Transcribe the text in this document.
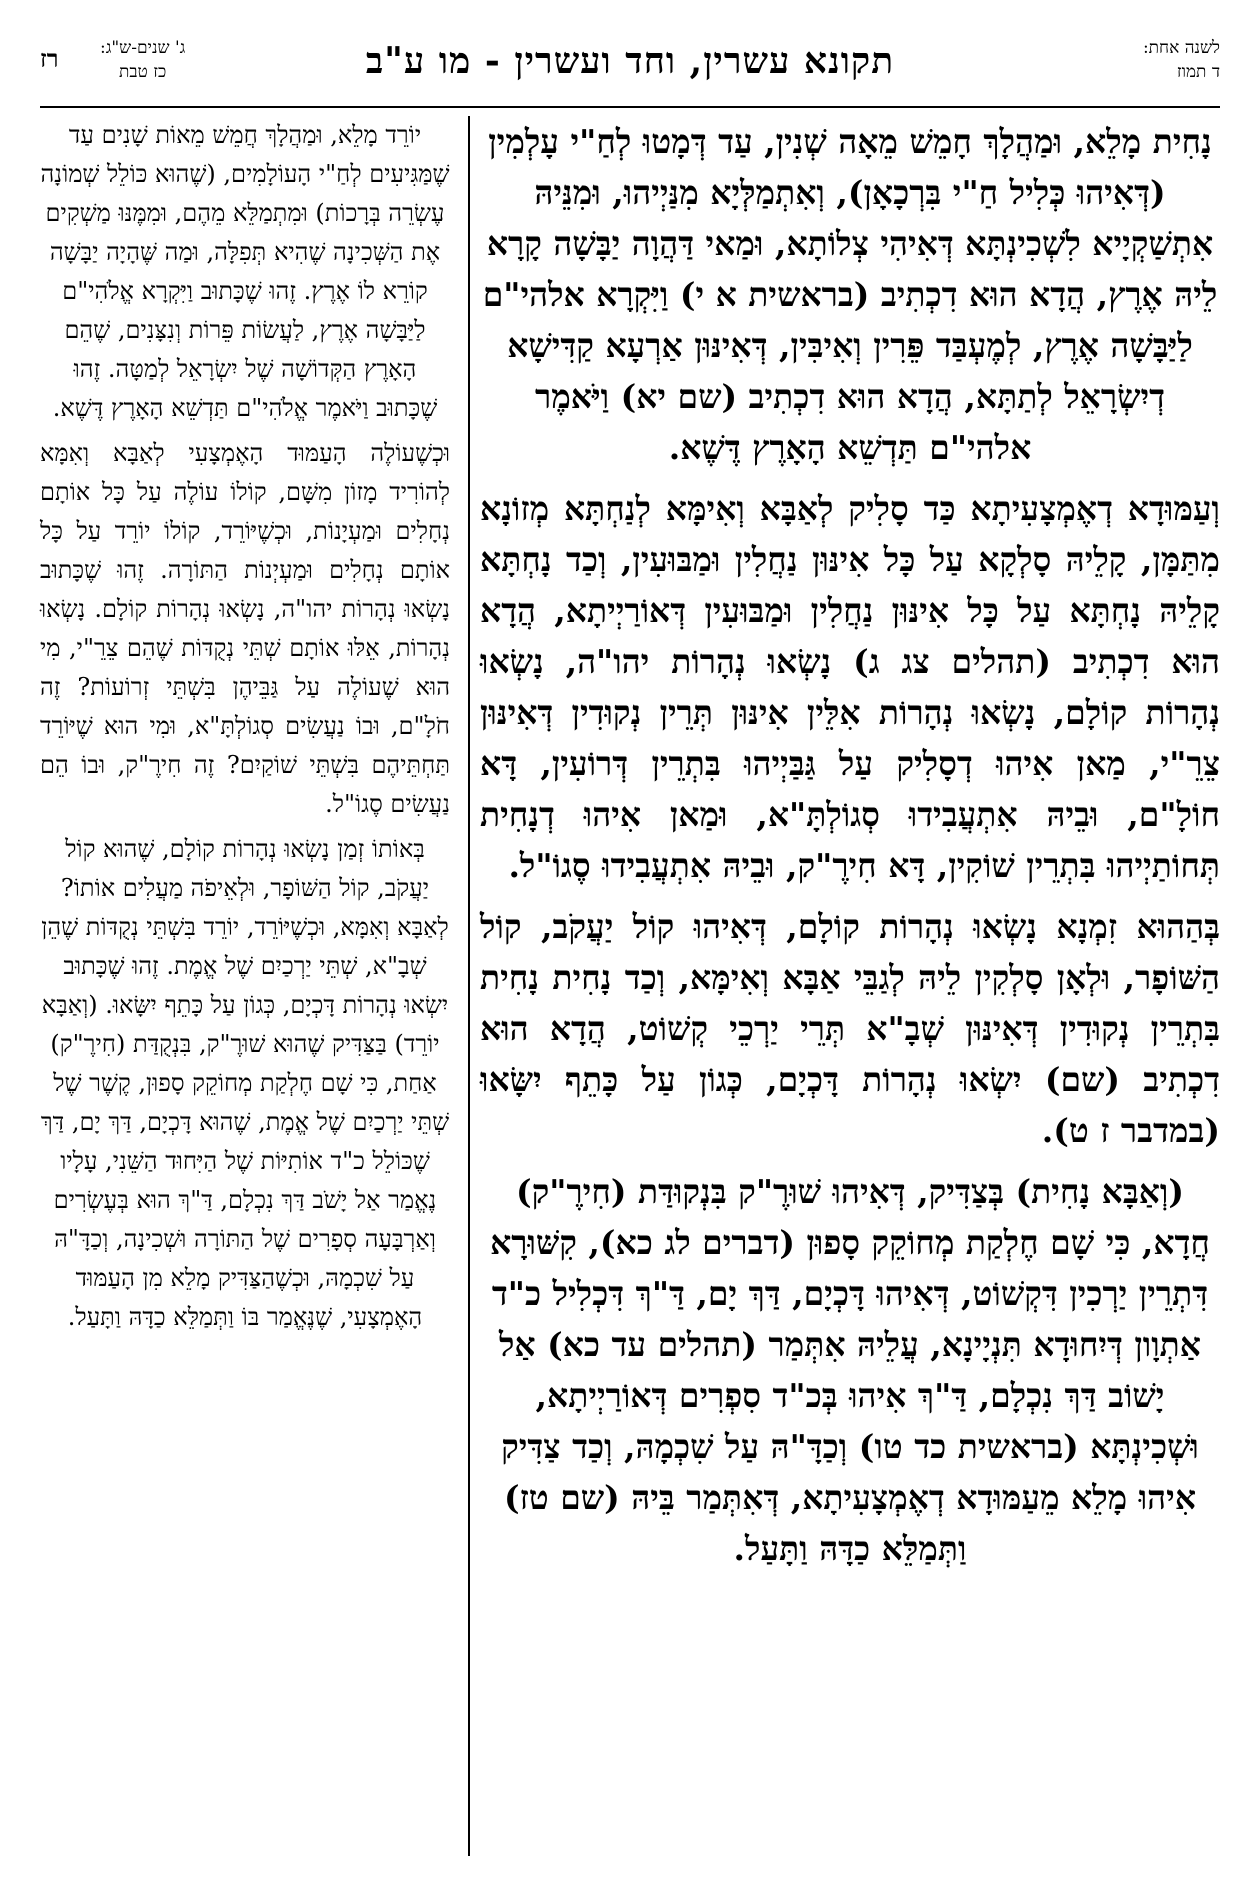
לשנה אחת:
ד תמוז
תקונא עשרין, וחד ועשרין - מו ע"ב
ג' שנים-ש"ג:
כז טבת
רז

נָחִית מָלֵא, וּמַהֲלָךְ חָמֵשׁ מֵאָה שְׁנִין, עַד דְּמָטוּ לְחַ"י עָלְמִין (דְּאִיהוּ כְּלִיל חַ"י בִּרְכָאָן), וְאִתְמַלְּיָא מִנַּיְיהוּ, וּמִנֵּיהּ אִתְשַׁקְיָיא לִשְׁכִינְתָּא דְּאִיהִי צְלוֹתָא, וּמַאי דַּהֲוָה יַבָּשָׁה קָרָא לֵיהּ אֶרֶץ, הֲדָא הוּא דִכְתִיב (בראשית א י) וַיִּקְרָא אלהי"ם לַיַּבָּשָׁה אֶרֶץ, לְמֶעְבַּד פֵּרִין וְאִיבִּין, דְּאִינּוּן אַרְעָא קַדִּישָׁא דְיִשְׂרָאֵל לְתַתָּא, הֲדָא הוּא דִכְתִיב (שם יא) וַיֹּאמֶר אלהי"ם תַּדְשֵׁא הָאָרֶץ דֶּשֶׁא.

וְעַמּוּדָא דְאֶמְצָעִיתָא כַּד סָלִיק לְאַבָּא וְאִימָּא לְנַחְתָּא מְזוֹנָא מִתַּמָּן, קָלֵיהּ סָלְקָא עַל כָּל אִינּוּן נַחֲלִין וּמַבּוּעִין, וְכַד נָחְתָּא קָלֵיהּ נָחְתָּא עַל כָּל אִינּוּן נַחֲלִין וּמַבּוּעִין דְּאוֹרַיְיתָא, הֲדָא הוּא דִכְתִיב (תהלים צג ג) נָשְׂאוּ נְהָרוֹת יהו"ה, נָשְׂאוּ נְהָרוֹת קוֹלָם, נָשְׂאוּ נְהָרוֹת אִלֵּין אִינּוּן תְּרֵין נְקוּדִין דְּאִינּוּן צֵרֵ"י, מַאן אִיהוּ דְסָלִיק עַל גַּבַּיְיהוּ בִּתְרֵין דְּרוֹעִין, דָּא חוֹלָ"ם, וּבֵיהּ אִתְעֲבִידוּ סְגוֹלְתָּ"א, וּמַאן אִיהוּ דְנָחִית תְּחוֹתַיְיהוּ בִּתְרֵין שׁוֹקִין, דָּא חִירֶ"ק, וּבֵיהּ אִתְעֲבִידוּ סֶגוֹ"ל.

בְּהַהוּא זִמְנָא נָשְׂאוּ נְהָרוֹת קוֹלָם, דְּאִיהוּ קוֹל יַעֲקֹב, קוֹל הַשּׁוֹפָר, וּלְאָן סָלְקִין לֵיהּ לְגַבֵּי אַבָּא וְאִימָּא, וְכַד נָחִית נָחִית בִּתְרֵין נְקוּדִין דְּאִינּוּן שְׁבָ"א תְּרֵי יַרְכֵי קְשׁוֹט, הֲדָא הוּא דִכְתִיב (שם) יִשְׂאוּ נְהָרוֹת דָּכְיָם, כְּגוֹן עַל כָּתֵף יִשָּׂאוּ (במדבר ז ט).

(וְאַבָּא נָחִית) בְּצַדִּיק, דְּאִיהוּ שׁוּרֶ"ק בִּנְקוּדַּת (חִירֶ"ק) חֲדָא, כִּי שָׁם חֶלְקַת מְחוֹקֵק סָפוּן (דברים לג כא), קִשּׁוּרָא דִּתְרֵין יַרְכִין דִּקְשׁוֹט, דְּאִיהוּ דָּכְיָם, דַּךְ יָם, דַּ"ךְ דִּכְלִיל כ"ד אַתְוָון דְּיִחוּדָא תִּנְיָינָא, עֲלֵיהּ אִתְּמַר (תהלים עד כא) אַל יָשׁוֹב דַּךְ נִכְלָם, דַּ"ךְ אִיהוּ בְּכ"ד סִפְרִים דְּאוֹרַיְיתָא, וּשְׁכִינְתָּא (בראשית כד טו) וְכַדָּ"הּ עַל שִׁכְמָהּ, וְכַד צַדִּיק אִיהוּ מָלֵא מֵעַמּוּדָא דְאֶמְצָעִיתָא, דְּאִתְּמַר בֵּיהּ (שם טז) וַתְּמַלֵּא כַדָּהּ וַתָּעַל.

יוֹרֵד מָלֵא, וּמַהֲלָךְ חֲמֵשׁ מֵאוֹת שָׁנִים עַד שֶׁמַּגִּיעִים לְחַ"י הָעוֹלָמִים, (שֶׁהוּא כּוֹלֵל שְׁמוֹנָה עֶשְׂרֵה בְּרָכוֹת) וּמִתְמַלֵּא מֵהֶם, וּמִמֶּנּוּ מַשְׁקִים אֶת הַשְּׁכִינָה שֶׁהִיא תְּפִלָּה, וּמַה שֶּׁהָיָה יַבָּשָׁה קוֹרֵא לוֹ אֶרֶץ. זֶהוּ שֶׁכָּתוּב וַיִּקְרָא אֱלֹהִי"ם לַיַּבָּשָׁה אֶרֶץ, לַעֲשׂוֹת פֵּרוֹת וְנִצָּנִים, שֶׁהֵם הָאָרֶץ הַקְּדוֹשָׁה שֶׁל יִשְׂרָאֵל לְמַטָּה. זֶהוּ שֶׁכָּתוּב וַיֹּאמֶר אֱלֹהִי"ם תַּדְשֵׁא הָאָרֶץ דֶּשֶׁא.

וּכְשֶׁעוֹלֶה הָעַמּוּד הָאֶמְצָעִי לְאַבָּא וְאִמָּא לְהוֹרִיד מָזוֹן מִשָּׁם, קוֹלוֹ עוֹלֶה עַל כָּל אוֹתָם נְחָלִים וּמַעְיָנוֹת, וּכְשֶׁיּוֹרֵד, קוֹלוֹ יוֹרֵד עַל כָּל אוֹתָם נְחָלִים וּמַעְיְנוֹת הַתּוֹרָה. זֶהוּ שֶׁכָּתוּב נָשְׂאוּ נְהָרוֹת יהו"ה, נָשְׂאוּ נְהָרוֹת קוֹלָם. נָשְׂאוּ נְהָרוֹת, אֵלּוּ אוֹתָם שְׁתֵּי נְקֻדּוֹת שֶׁהֵם צֵרֵ"י, מִי הוּא שֶׁעוֹלֶה עַל גַּבֵּיהֶן בִּשְׁתֵּי זְרוֹעוֹת? זֶה חֹלָ"ם, וּבוֹ נַעֲשִׂים סְגוֹלְתָּ"א, וּמִי הוּא שֶׁיּוֹרֵד תַּחְתֵּיהֶם בִּשְׁתֵּי שׁוֹקַיִם? זֶה חִירֶ"ק, וּבוֹ הֵם נַעֲשִׂים סֶגוֹ"ל.

בְּאוֹתוֹ זְמַן נָשְׂאוּ נְהָרוֹת קוֹלָם, שֶׁהוּא קוֹל יַעֲקֹב, קוֹל הַשּׁוֹפָר, וּלְאֵיפֹה מַעֲלִים אוֹתוֹ? לְאַבָּא וְאִמָּא, וּכְשֶׁיּוֹרֵד, יוֹרֵד בִּשְׁתֵּי נְקֻדּוֹת שֶׁהֵן שְׁבָ"א, שְׁתֵּי יַרְכַיִם שֶׁל אֱמֶת. זֶהוּ שֶׁכָּתוּב יִשְׂאוּ נְהָרוֹת דָּכְיָם, כְּגוֹן עַל כָּתֵף יִשָּׂאוּ. (וְאַבָּא יוֹרֵד) בַּצַּדִּיק שֶׁהוּא שׁוּרֶ"ק, בִּנְקֻדַּת (חִירֶ"ק) אַחַת, כִּי שָׁם חֶלְקַת מְחוֹקֵק סָפוּן, קֶשֶׁר שֶׁל שְׁתֵּי יַרְכַיִם שֶׁל אֱמֶת, שֶׁהוּא דָּכְיָם, דַּךְ יָם, דַּךְ שֶׁכּוֹלֵל כ"ד אוֹתִיּוֹת שֶׁל הַיִּחוּד הַשֵּׁנִי, עָלָיו נֶאֱמַר אַל יָשֹׁב דַּךְ נִכְלָם, דַּ"ךְ הוּא בְּעֶשְׂרִים וְאַרְבָּעָה סְפָרִים שֶׁל הַתּוֹרָה וּשְׁכִינָה, וְכַדָּ"הּ עַל שִׁכְמָהּ, וּכְשֶׁהַצַּדִּיק מָלֵא מִן הָעַמּוּד הָאֶמְצָעִי, שֶׁנֶּאֱמַר בּוֹ וַתְּמַלֵּא כַדָּהּ וַתָּעַל.
